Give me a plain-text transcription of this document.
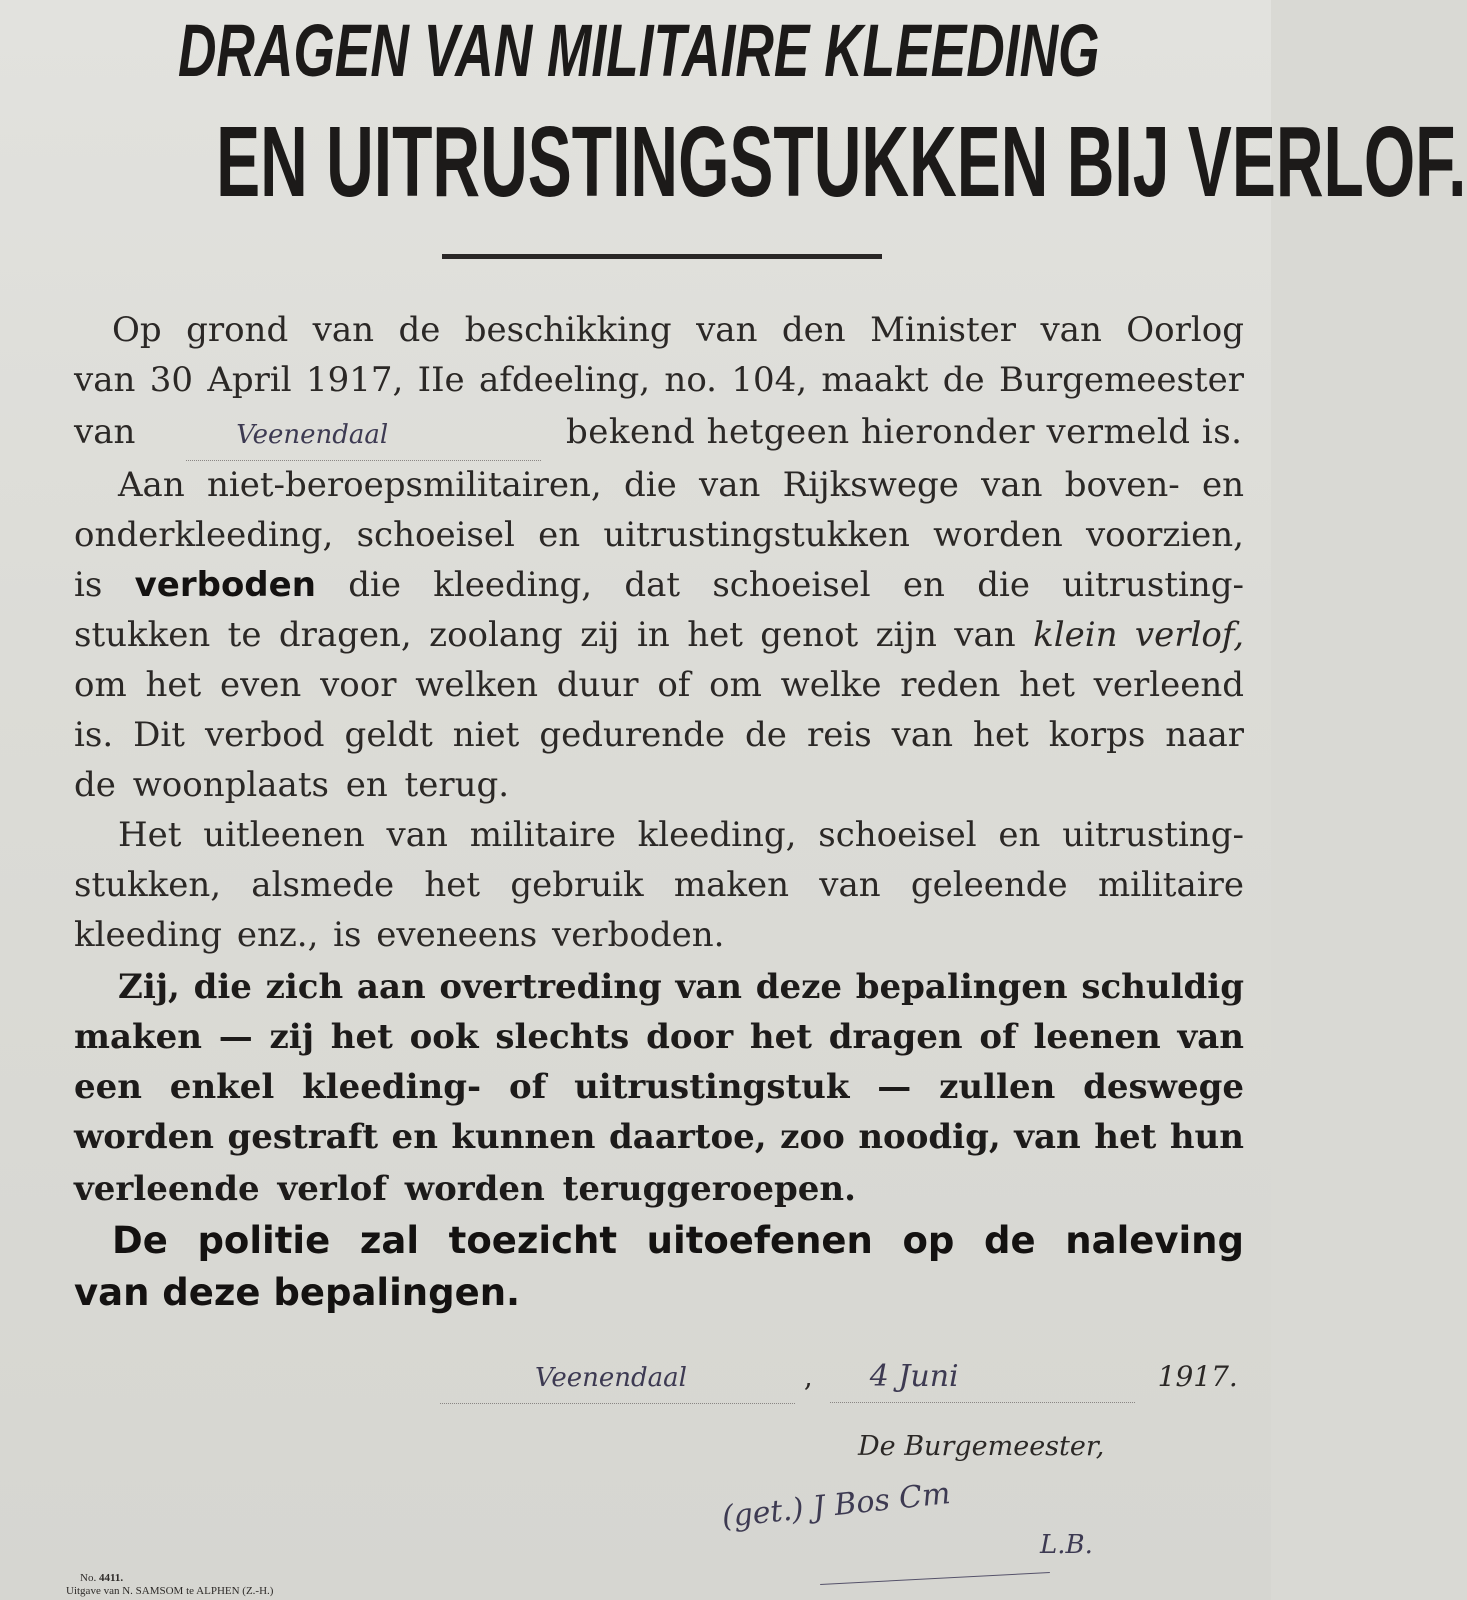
DRAGEN VAN MILITAIRE KLEEDING
EN UITRUSTINGSTUKKEN BIJ VERLOF.
Op grond van de beschikking van den Minister van Oorlog
van 30 April 1917, IIe afdeeling, no. 104, maakt de Burgemeester
van	Veenendaal	bekend hetgeen hieronder vermeld is.
Aan niet-beroepsmilitairen, die van Rijkswege van boven- en
onderkleeding, schoeisel en uitrustingstukken worden voorzien,
is verboden die kleeding, dat schoeisel en die uitrusting-
stukken te dragen, zoolang zij in het genot zijn van klein verlof,
om het even voor welken duur of om welke reden het verleend
is. Dit verbod geldt niet gedurende de reis van het korps naar
de woonplaats en terug.
Het uitleenen van militaire kleeding, schoeisel en uitrusting-
stukken, alsmede het gebruik maken van geleende militaire
kleeding enz., is eveneens verboden.
Zij, die zich aan overtreding van deze bepalingen schuldig
maken — zij het ook slechts door het dragen of leenen van
een enkel kleeding- of uitrustingstuk — zullen deswege
worden gestraft en kunnen daartoe, zoo noodig, van het hun
verleende verlof worden teruggeroepen.
De politie zal toezicht uitoefenen op de naleving
van deze bepalingen.
Veenendaal	, 4 Juni	1917.
De Burgemeester,
(get.) J Bos Cm
L.B.
No. 4411.
Uitgave van N. SAMSOM te ALPHEN (Z.-H.)
